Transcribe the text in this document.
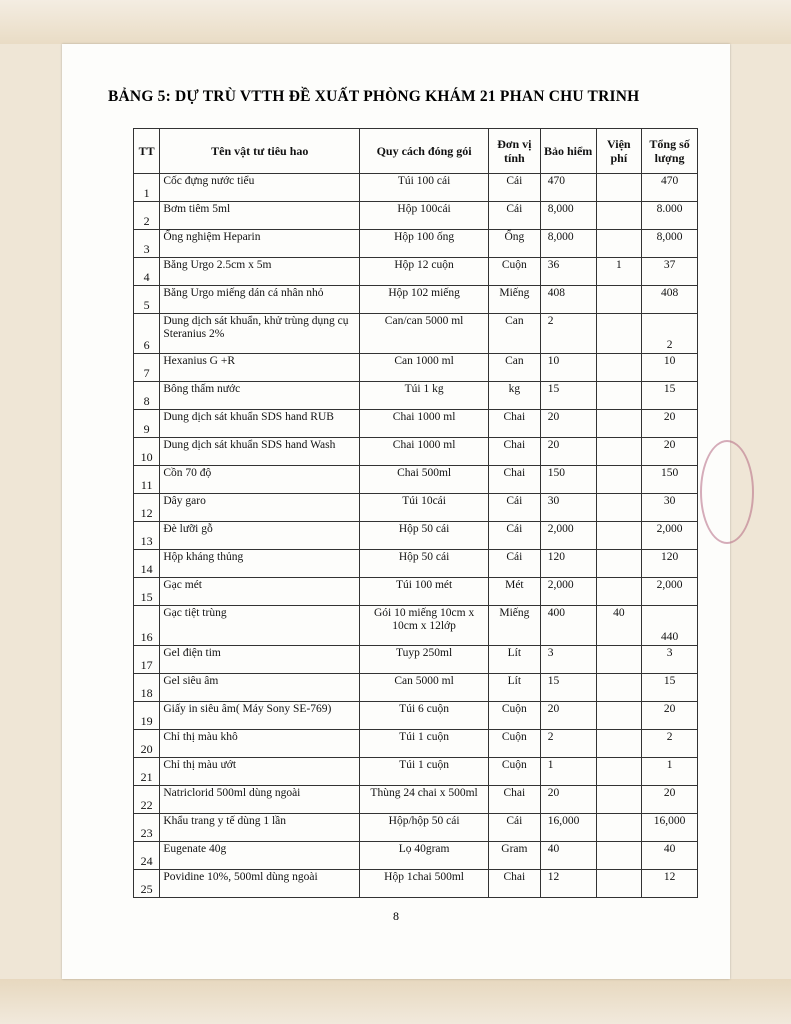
BẢNG 5: DỰ TRÙ VTTH ĐỀ XUẤT PHÒNG KHÁM 21 PHAN CHU TRINH
TT	Tên vật tư tiêu hao	Quy cách đóng gói	Đơn vị tính	Bảo hiểm	Viện phí	Tổng số lượng
1	Cốc đựng nước tiểu	Túi 100 cái	Cái	470		470
2	Bơm tiêm 5ml	Hộp 100cái	Cái	8,000		8.000
3	Ống nghiệm Heparin	Hộp 100 ống	Ống	8,000		8,000
4	Băng Urgo 2.5cm x 5m	Hộp 12 cuộn	Cuộn	36	1	37
5	Băng Urgo miếng dán cá nhân nhỏ	Hộp 102 miếng	Miếng	408		408
6	Dung dịch sát khuẩn, khử trùng dụng cụ Steranius 2%	Can/can 5000 ml	Can	2		2
7	Hexanius G +R	Can 1000 ml	Can	10		10
8	Bông thấm nước	Túi 1 kg	kg	15		15
9	Dung dịch sát khuẩn SDS hand RUB	Chai 1000 ml	Chai	20		20
10	Dung dịch sát khuẩn SDS hand Wash	Chai 1000 ml	Chai	20		20
11	Cồn 70 độ	Chai 500ml	Chai	150		150
12	Dây garo	Túi 10cái	Cái	30		30
13	Đè lưỡi gỗ	Hộp 50 cái	Cái	2,000		2,000
14	Hộp kháng thủng	Hộp 50 cái	Cái	120		120
15	Gạc mét	Túi 100 mét	Mét	2,000		2,000
16	Gạc tiệt trùng	Gói 10 miếng 10cm x 10cm x 12lớp	Miếng	400	40	440
17	Gel điện tim	Tuyp 250ml	Lít	3		3
18	Gel siêu âm	Can 5000 ml	Lít	15		15
19	Giấy in siêu âm( Máy Sony SE-769)	Túi 6 cuộn	Cuộn	20		20
20	Chỉ thị màu khô	Túi 1 cuộn	Cuộn	2		2
21	Chỉ thị màu ướt	Túi 1 cuộn	Cuộn	1		1
22	Natriclorid 500ml dùng ngoài	Thùng 24 chai x 500ml	Chai	20		20
23	Khẩu trang y tế dùng 1 lần	Hộp/hộp 50 cái	Cái	16,000		16,000
24	Eugenate 40g	Lọ 40gram	Gram	40		40
25	Povidine 10%, 500ml dùng ngoài	Hộp 1chai 500ml	Chai	12		12
8
